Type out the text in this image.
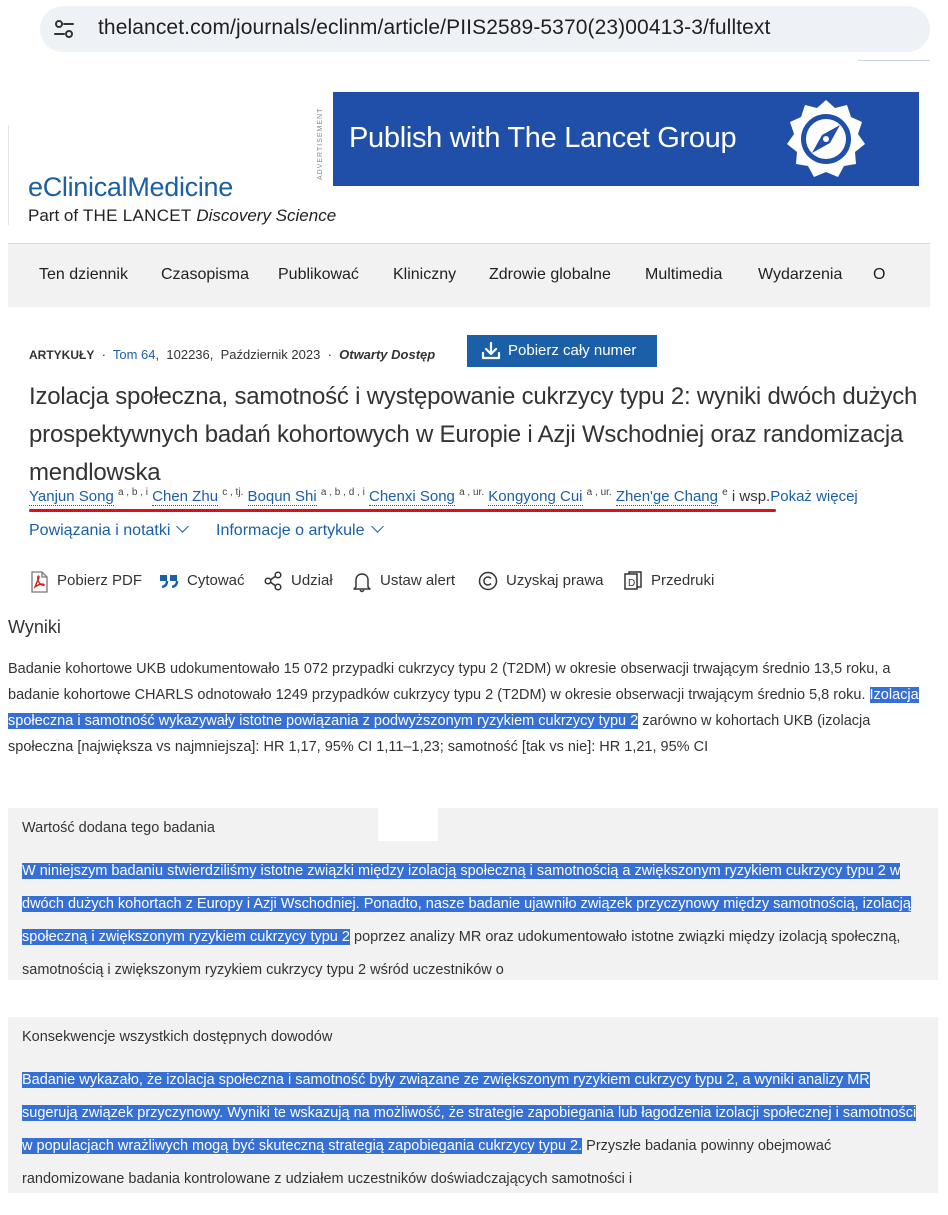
thelancet.com/journals/eclinm/article/PIIS2589-5370(23)00413-3/fulltext
ADVERTISEMENT Publish with The Lancet Group
eClinicalMedicine
Part of THE LANCET Discovery Science
Ten dziennik Czasopisma Publikować Kliniczny Zdrowie globalne Multimedia Wydarzenia O
ARTYKUŁY  ·  Tom 64,  102236,  Październik 2023  ·  Otwarty Dostęp	Pobierz cały numer
Izolacja społeczna, samotność i występowanie cukrzycy typu 2: wyniki dwóch dużych prospektywnych badań kohortowych w Europie i Azji Wschodniej oraz randomizacja mendlowska
Yanjun Song $^{a , b , i}$ Chen Zhu $^{c , tj.}$ Boqun Shi $^{a , b , d , i}$ Chenxi Song $^{a , ur.}$ Kongyong Cui $^{a , ur.}$ Zhen'ge Chang $^e$ i wsp.Pokaż więcej
Powiązania i notatki	Informacje o artykule
Pobierz PDF	Cytować	Udział	Ustaw alert	Uzyskaj prawa D Przedruki
Wyniki
Badanie kohortowe UKB udokumentowało 15 072 przypadki cukrzycy typu 2 (T2DM) w okresie obserwacji trwającym średnio 13,5 roku, a badanie kohortowe CHARLS odnotowało 1249 przypadków cukrzycy typu 2 (T2DM) w okresie obserwacji trwającym średnio 5,8 roku. Izolacja społeczna i samotność wykazywały istotne powiązania z podwyższonym ryzykiem cukrzycy typu 2 zarówno w kohortach UKB (izolacja społeczna [największa vs najmniejsza]: HR 1,17, 95% CI 1,11–1,23; samotność [tak vs nie]: HR 1,21, 95% CI
Wartość dodana tego badania
W niniejszym badaniu stwierdziliśmy istotne związki między izolacją społeczną i samotnością a zwiększonym ryzykiem cukrzycy typu 2 w dwóch dużych kohortach z Europy i Azji Wschodniej. Ponadto, nasze badanie ujawniło związek przyczynowy między samotnością, izolacją społeczną i zwiększonym ryzykiem cukrzycy typu 2 poprzez analizy MR oraz udokumentowało istotne związki między izolacją społeczną, samotnością i zwiększonym ryzykiem cukrzycy typu 2 wśród uczestników o
Konsekwencje wszystkich dostępnych dowodów
Badanie wykazało, że izolacja społeczna i samotność były związane ze zwiększonym ryzykiem cukrzycy typu 2, a wyniki analizy MR sugerują związek przyczynowy. Wyniki te wskazują na możliwość, że strategie zapobiegania lub łagodzenia izolacji społecznej i samotności w populacjach wrażliwych mogą być skuteczną strategią zapobiegania cukrzycy typu 2. Przyszłe badania powinny obejmować randomizowane badania kontrolowane z udziałem uczestników doświadczających samotności i
